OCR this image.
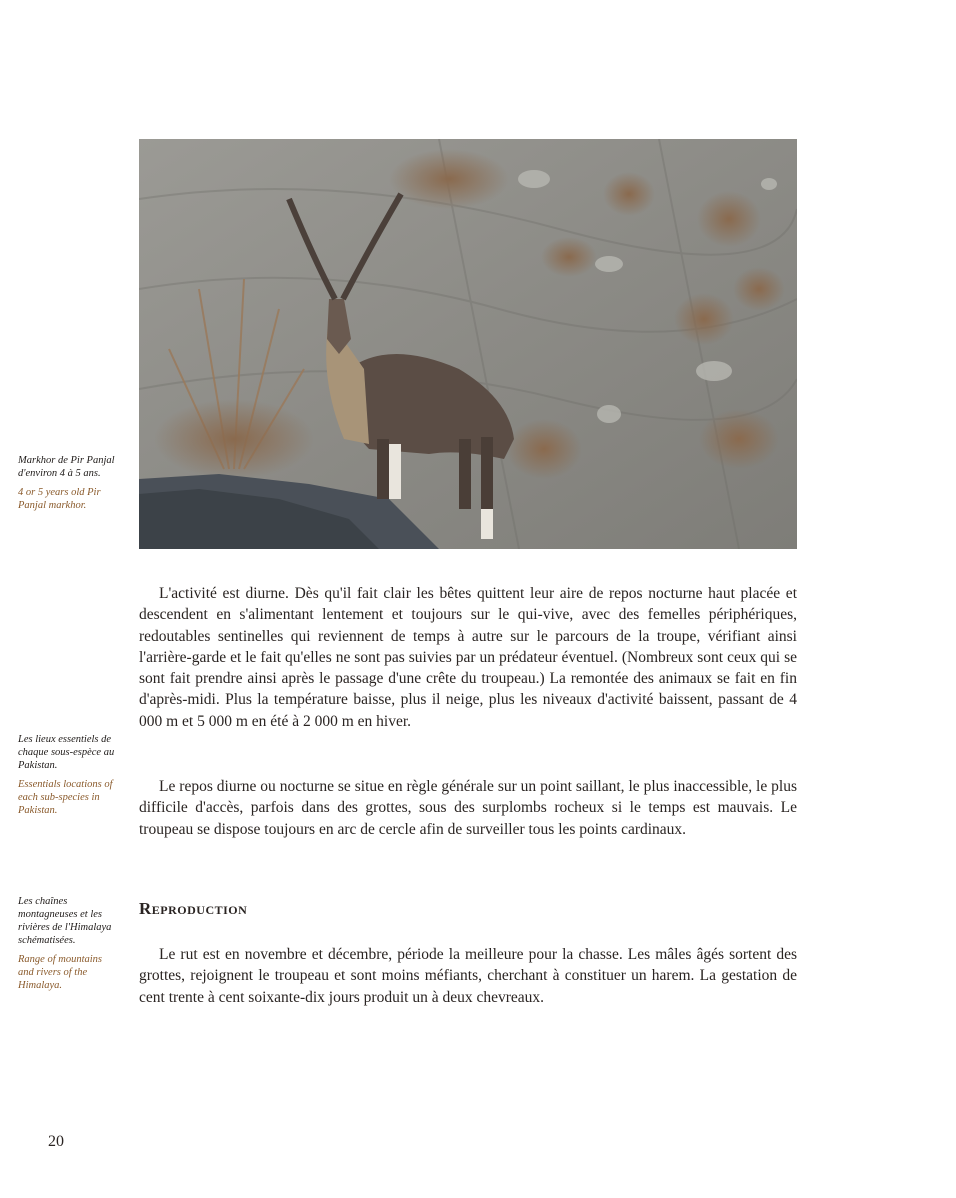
Markhor de Pir Panjal d'environ 4 à 5 ans.

4 or 5 years old Pir Panjal markhor.

Les lieux essentiels de chaque sous-espèce au Pakistan.

Essentials locations of each sub-species in Pakistan.

Les chaînes montagneuses et les rivières de l'Himalaya schématisées.

Range of mountains and rivers of the Himalaya.

L'activité est diurne. Dès qu'il fait clair les bêtes quittent leur aire de repos nocturne haut placée et descendent en s'alimentant lentement et toujours sur le qui-vive, avec des femelles périphériques, redoutables sentinelles qui reviennent de temps à autre sur le parcours de la troupe, vérifiant ainsi l'arrière-garde et le fait qu'elles ne sont pas suivies par un prédateur éventuel. (Nombreux sont ceux qui se sont fait prendre ainsi après le passage d'une crête du troupeau.) La remontée des animaux se fait en fin d'après-midi. Plus la température baisse, plus il neige, plus les niveaux d'activité baissent, passant de 4 000 m et 5 000 m en été à 2 000 m en hiver.

Le repos diurne ou nocturne se situe en règle générale sur un point saillant, le plus inaccessible, le plus difficile d'accès, parfois dans des grottes, sous des surplombs rocheux si le temps est mauvais. Le troupeau se dispose toujours en arc de cercle afin de surveiller tous les points cardinaux.

Reproduction

Le rut est en novembre et décembre, période la meilleure pour la chasse. Les mâles âgés sortent des grottes, rejoignent le troupeau et sont moins méfiants, cherchant à constituer un harem. La gestation de cent trente à cent soixante-dix jours produit un à deux chevreaux.

20
